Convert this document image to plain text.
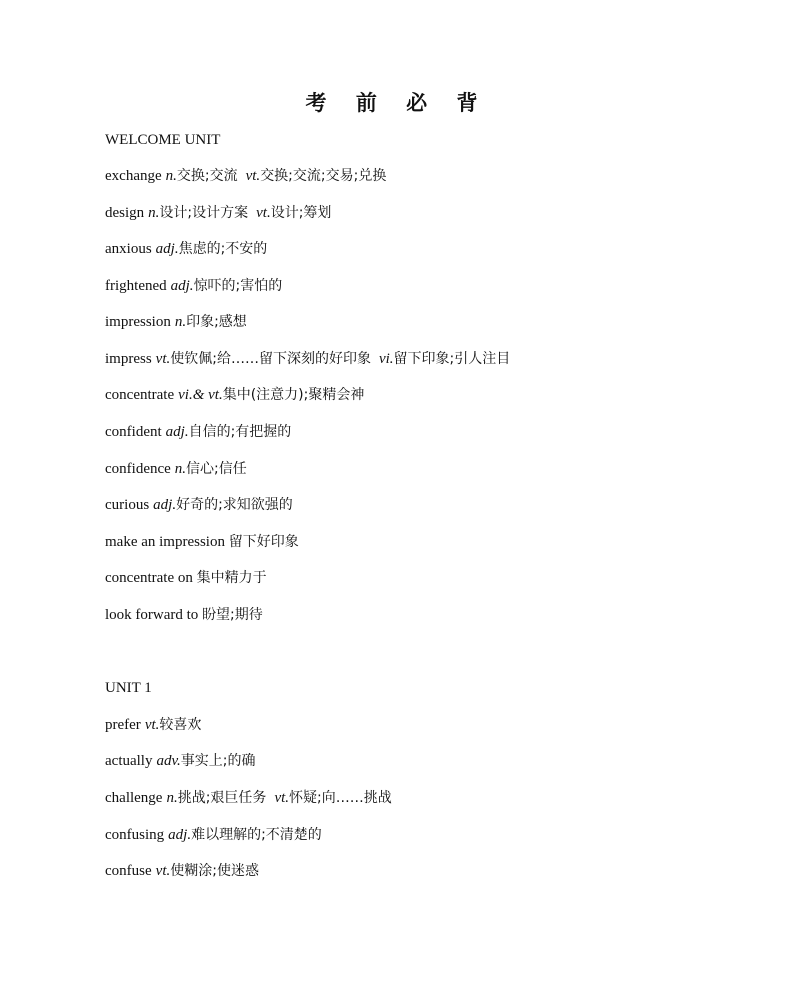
考 前 必 背
WELCOME UNIT
exchange n.交换;交流 vt.交换;交流;交易;兑换
design n.设计;设计方案 vt.设计;筹划
anxious adj.焦虑的;不安的
frightened adj.惊吓的;害怕的
impression n.印象;感想
impress vt.使钦佩;给……留下深刻的好印象 vi.留下印象;引人注目
concentrate vi.& vt.集中(注意力);聚精会神
confident adj.自信的;有把握的
confidence n.信心;信任
curious adj.好奇的;求知欲强的
make an impression 留下好印象
concentrate on 集中精力于
look forward to 盼望;期待
UNIT 1
prefer vt.较喜欢
actually adv.事实上;的确
challenge n.挑战;艰巨任务 vt.怀疑;向……挑战
confusing adj.难以理解的;不清楚的
confuse vt.使糊涂;使迷惑
